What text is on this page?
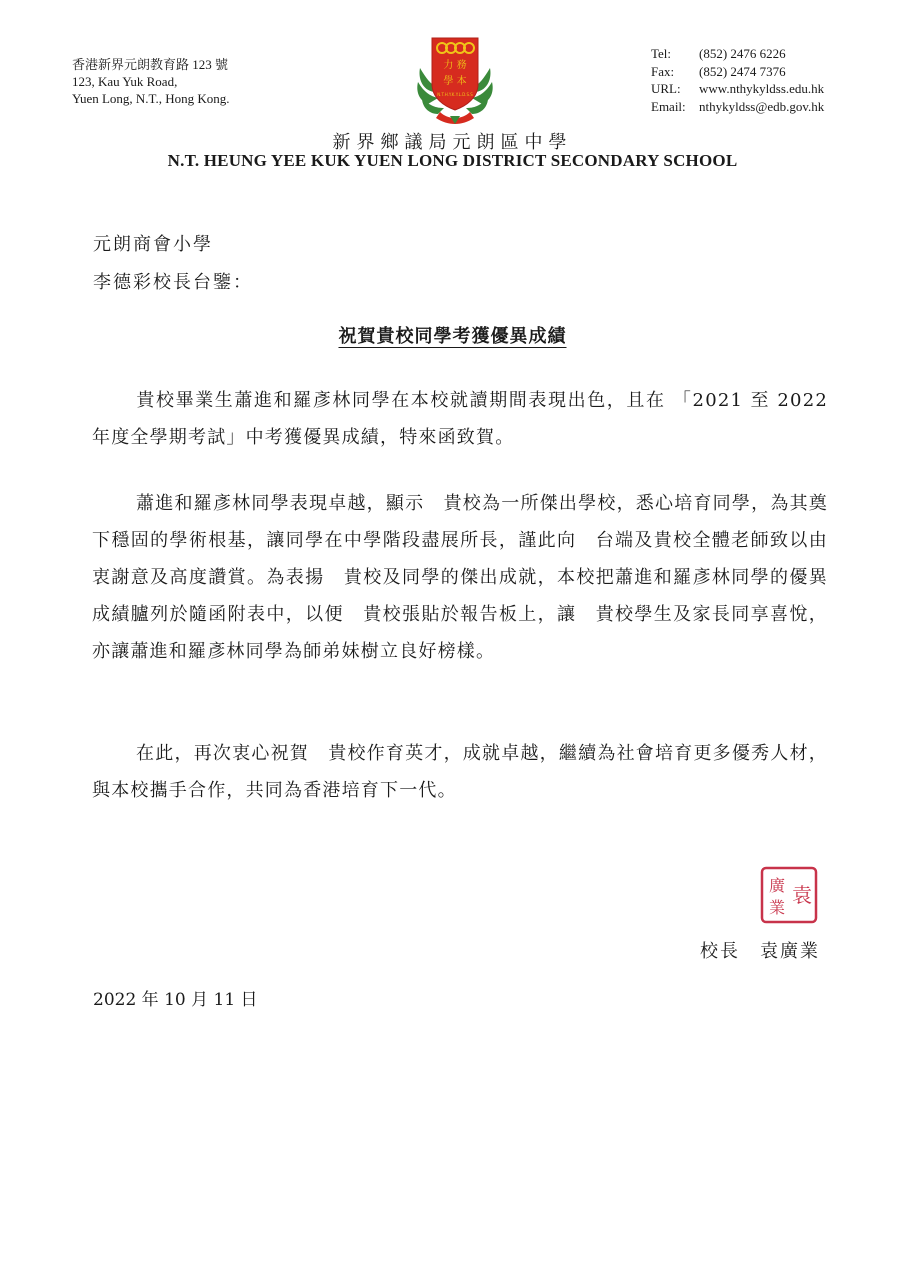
香港新界元朗教育路 123 號
123, Kau Yuk Road,
Yuen Long, N.T., Hong Kong.
力 務
學 本
N.T.H.Y.K.Y.L.D.S.S
Tel: (852) 2476 6226
Fax: (852) 2474 7376
URL: www.nthykyldss.edu.hk
Email: nthykyldss@edb.gov.hk
新界鄉議局元朗區中學
N.T. HEUNG YEE KUK YUEN LONG DISTRICT SECONDARY SCHOOL
元朗商會小學
李德彩校長台鑒：
祝賀貴校同學考獲優異成績
貴校畢業生蕭進和羅彥林同學在本校就讀期間表現出色，且在 「2021 至 2022 年度全學期考試」中考獲優異成績，特來函致賀。
蕭進和羅彥林同學表現卓越，顯示　貴校為一所傑出學校，悉心培育同學，為其奠下穩固的學術根基，讓同學在中學階段盡展所長，謹此向　台端及貴校全體老師致以由衷謝意及高度讚賞。為表揚　貴校及同學的傑出成就，本校把蕭進和羅彥林同學的優異成績臚列於隨函附表中，以便　貴校張貼於報告板上，讓　貴校學生及家長同享喜悅，亦讓蕭進和羅彥林同學為師弟妹樹立良好榜樣。
在此，再次衷心祝賀　貴校作育英才，成就卓越，繼續為社會培育更多優秀人材，與本校攜手合作，共同為香港培育下一代。
袁
廣
業
校長　袁廣業
2022 年 10 月 11 日
